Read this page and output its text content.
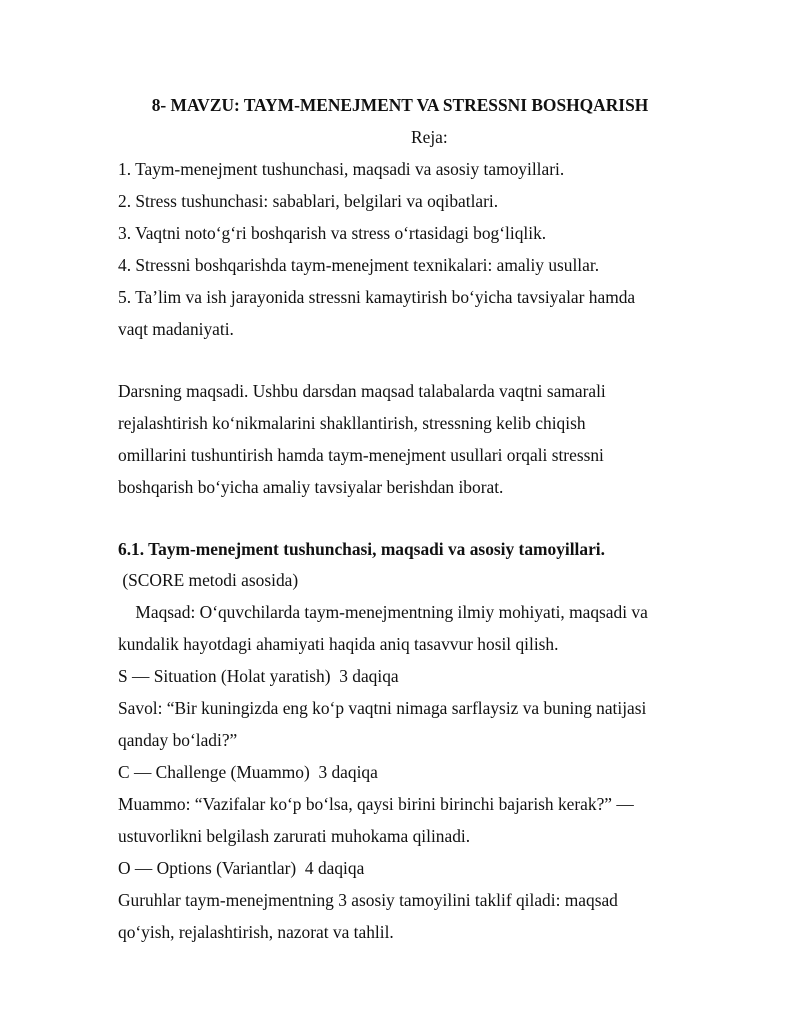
8- MAVZU: TAYM-MENEJMENT VA STRESSNI BOSHQARISH

Reja:

1. Taym-menejment tushunchasi, maqsadi va asosiy tamoyillari.

2. Stress tushunchasi: sabablari, belgilari va oqibatlari.

3. Vaqtni noto‘g‘ri boshqarish va stress o‘rtasidagi bog‘liqlik.

4. Stressni boshqarishda taym-menejment texnikalari: amaliy usullar.

5. Ta’lim va ish jarayonida stressni kamaytirish bo‘yicha tavsiyalar hamda

vaqt madaniyati.

Darsning maqsadi. Ushbu darsdan maqsad talabalarda vaqtni samarali

rejalashtirish ko‘nikmalarini shakllantirish, stressning kelib chiqish

omillarini tushuntirish hamda taym-menejment usullari orqali stressni

boshqarish bo‘yicha amaliy tavsiyalar berishdan iborat.

6.1. Taym-menejment tushunchasi, maqsadi va asosiy tamoyillari.

(SCORE metodi asosida)

Maqsad: O‘quvchilarda taym-menejmentning ilmiy mohiyati, maqsadi va

kundalik hayotdagi ahamiyati haqida aniq tasavvur hosil qilish.

S — Situation (Holat yaratish)  3 daqiqa

Savol: “Bir kuningizda eng ko‘p vaqtni nimaga sarflaysiz va buning natijasi

qanday bo‘ladi?”

C — Challenge (Muammo)  3 daqiqa

Muammo: “Vazifalar ko‘p bo‘lsa, qaysi birini birinchi bajarish kerak?” —

ustuvorlikni belgilash zarurati muhokama qilinadi.

O — Options (Variantlar)  4 daqiqa

Guruhlar taym-menejmentning 3 asosiy tamoyilini taklif qiladi: maqsad

qo‘yish, rejalashtirish, nazorat va tahlil.
